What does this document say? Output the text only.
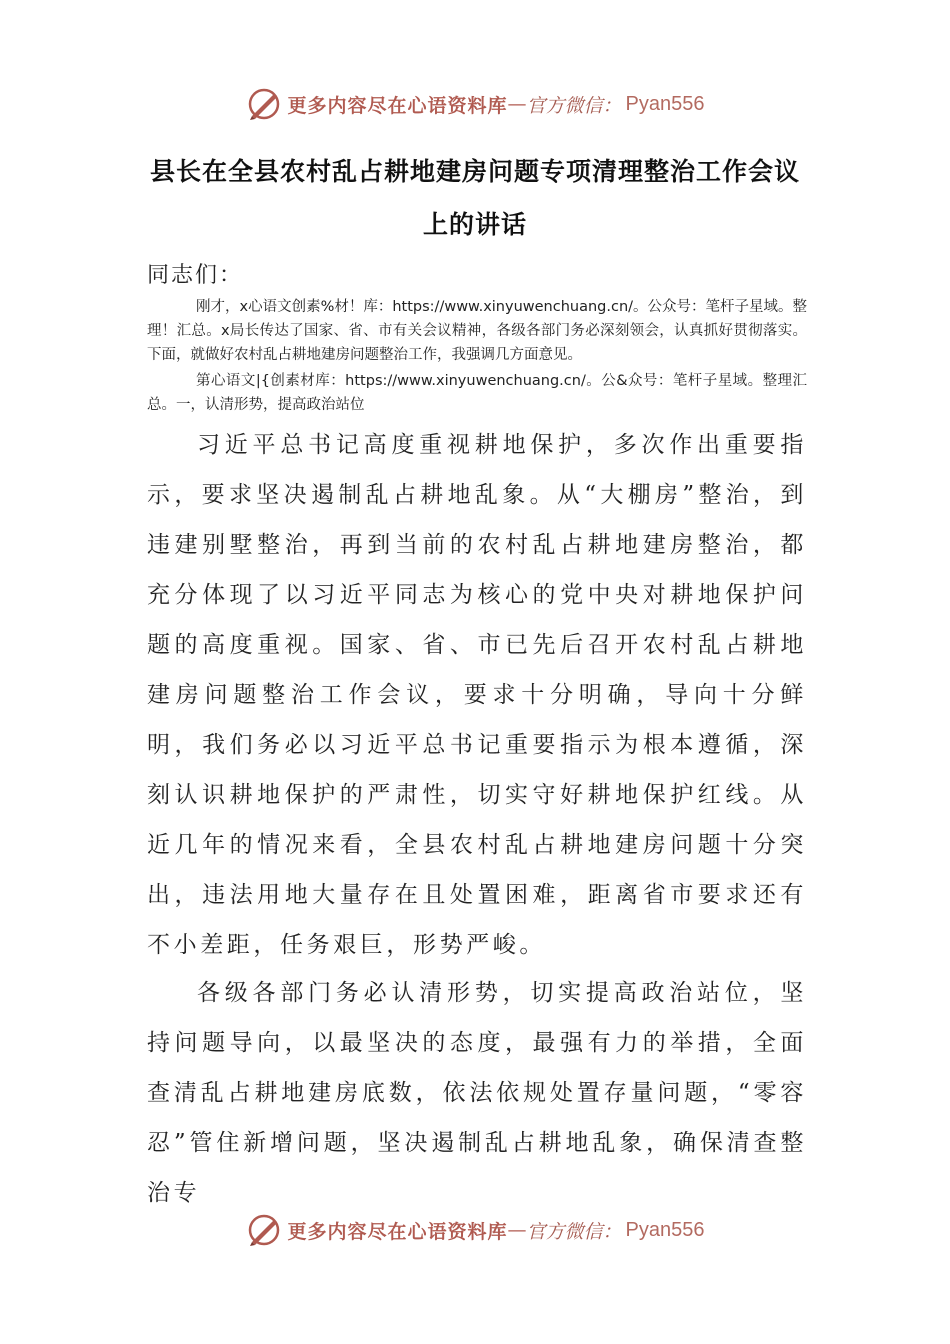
更多内容尽在心语资料库 — 官方微信： Pyan556
县长在全县农村乱占耕地建房问题专项清理整治工作会议
上的讲话
同志们：
刚才，x心语文创素%材！库：https://www.xinyuwenchuang.cn/。公众号：笔杆子星域。整理！汇总。x局长传达了国家、省、市有关会议精神，各级各部门务必深刻领会，认真抓好贯彻落实。下面，就做好农村乱占耕地建房问题整治工作，我强调几方面意见。
第心语文|{创素材库：https://www.xinyuwenchuang.cn/。公&众号：笔杆子星域。整理汇总。一，认清形势，提高政治站位
习近平总书记高度重视耕地保护，多次作出重要指示，要求坚决遏制乱占耕地乱象。从“大棚房”整治，到违建别墅整治，再到当前的农村乱占耕地建房整治，都充分体现了以习近平同志为核心的党中央对耕地保护问题的高度重视。国家、省、市已先后召开农村乱占耕地建房问题整治工作会议，要求十分明确，导向十分鲜明，我们务必以习近平总书记重要指示为根本遵循，深刻认识耕地保护的严肃性，切实守好耕地保护红线。从近几年的情况来看，全县农村乱占耕地建房问题十分突出，违法用地大量存在且处置困难，距离省市要求还有不小差距，任务艰巨，形势严峻。
各级各部门务必认清形势，切实提高政治站位，坚持问题导向，以最坚决的态度，最强有力的举措，全面查清乱占耕地建房底数，依法依规处置存量问题，“零容忍”管住新增问题，坚决遏制乱占耕地乱象，确保清查整治专
更多内容尽在心语资料库 — 官方微信： Pyan556
